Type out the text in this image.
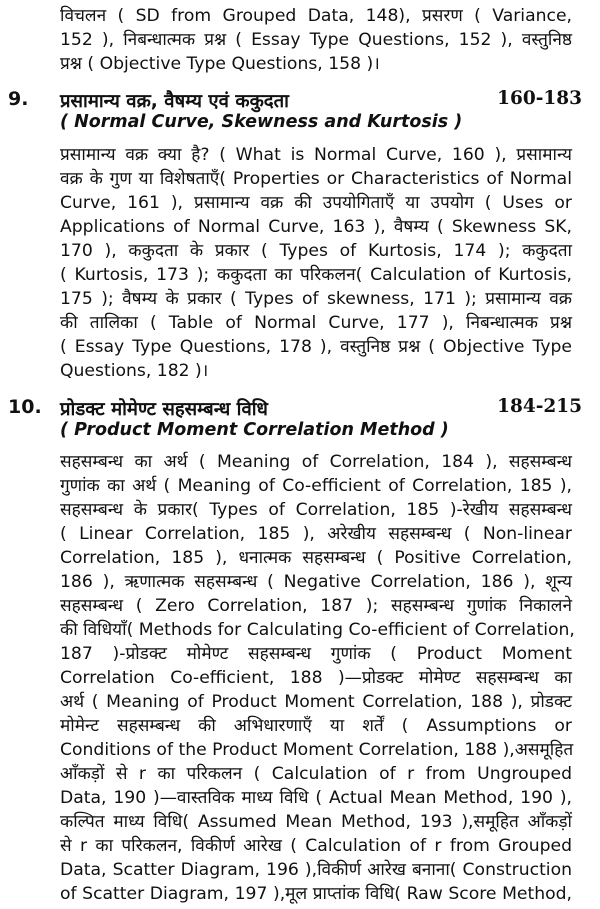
विचलन ( SD from Grouped Data, 148), प्रसरण ( Variance,
152 ), निबन्धात्मक प्रश्न ( Essay Type Questions, 152 ), वस्तुनिष्ठ
प्रश्न ( Objective Type Questions, 158 )।
9. प्रसामान्य वक्र, वैषम्य एवं ककुदता	160-183
( Normal Curve, Skewness and Kurtosis )
प्रसामान्य वक्र क्या है? ( What is Normal Curve, 160 ), प्रसामान्य
वक्र के गुण या विशेषताएँ( Properties or Characteristics of Normal
Curve, 161 ), प्रसामान्य वक्र की उपयोगिताएँ या उपयोग ( Uses or
Applications of Normal Curve, 163 ), वैषम्य ( Skewness SK,
170 ), ककुदता के प्रकार ( Types of Kurtosis, 174 ); ककुदता
( Kurtosis, 173 ); ककुदता का परिकलन( Calculation of Kurtosis,
175 ); वैषम्य के प्रकार ( Types of skewness, 171 ); प्रसामान्य वक्र
की तालिका ( Table of Normal Curve, 177 ), निबन्धात्मक प्रश्न
( Essay Type Questions, 178 ), वस्तुनिष्ठ प्रश्न ( Objective Type
Questions, 182 )।
10. प्रोडक्ट मोमेण्ट सहसम्बन्ध विधि	184-215
( Product Moment Correlation Method )
सहसम्बन्ध का अर्थ ( Meaning of Correlation, 184 ), सहसम्बन्ध
गुणांक का अर्थ ( Meaning of Co-efficient of Correlation, 185 ),
सहसम्बन्ध के प्रकार( Types of Correlation, 185 )-रेखीय सहसम्बन्ध
( Linear Correlation, 185 ), अरेखीय सहसम्बन्ध ( Non-linear
Correlation, 185 ), धनात्मक सहसम्बन्ध ( Positive Correlation,
186 ), ऋणात्मक सहसम्बन्ध ( Negative Correlation, 186 ), शून्य
सहसम्बन्ध ( Zero Correlation, 187 ); सहसम्बन्ध गुणांक निकालने
की विधियाँ( Methods for Calculating Co-efficient of Correlation,
187 )-प्रोडक्ट मोमेण्ट सहसम्बन्ध गुणांक ( Product Moment
Correlation Co-efficient, 188 )—प्रोडक्ट मोमेण्ट सहसम्बन्ध का
अर्थ ( Meaning of Product Moment Correlation, 188 ), प्रोडक्ट
मोमेन्ट सहसम्बन्ध की अभिधारणाएँ या शर्तें ( Assumptions or
Conditions of the Product Moment Correlation, 188 ),असमूहित
आँकड़ों से r का परिकलन ( Calculation of r from Ungrouped
Data, 190 )—वास्तविक माध्य विधि ( Actual Mean Method, 190 ),
कल्पित माध्य विधि( Assumed Mean Method, 193 ),समूहित आँकड़ों
से r का परिकलन, विकीर्ण आरेख ( Calculation of r from Grouped
Data, Scatter Diagram, 196 ),विकीर्ण आरेख बनाना( Construction
of Scatter Diagram, 197 ),मूल प्राप्तांक विधि( Raw Score Method,
